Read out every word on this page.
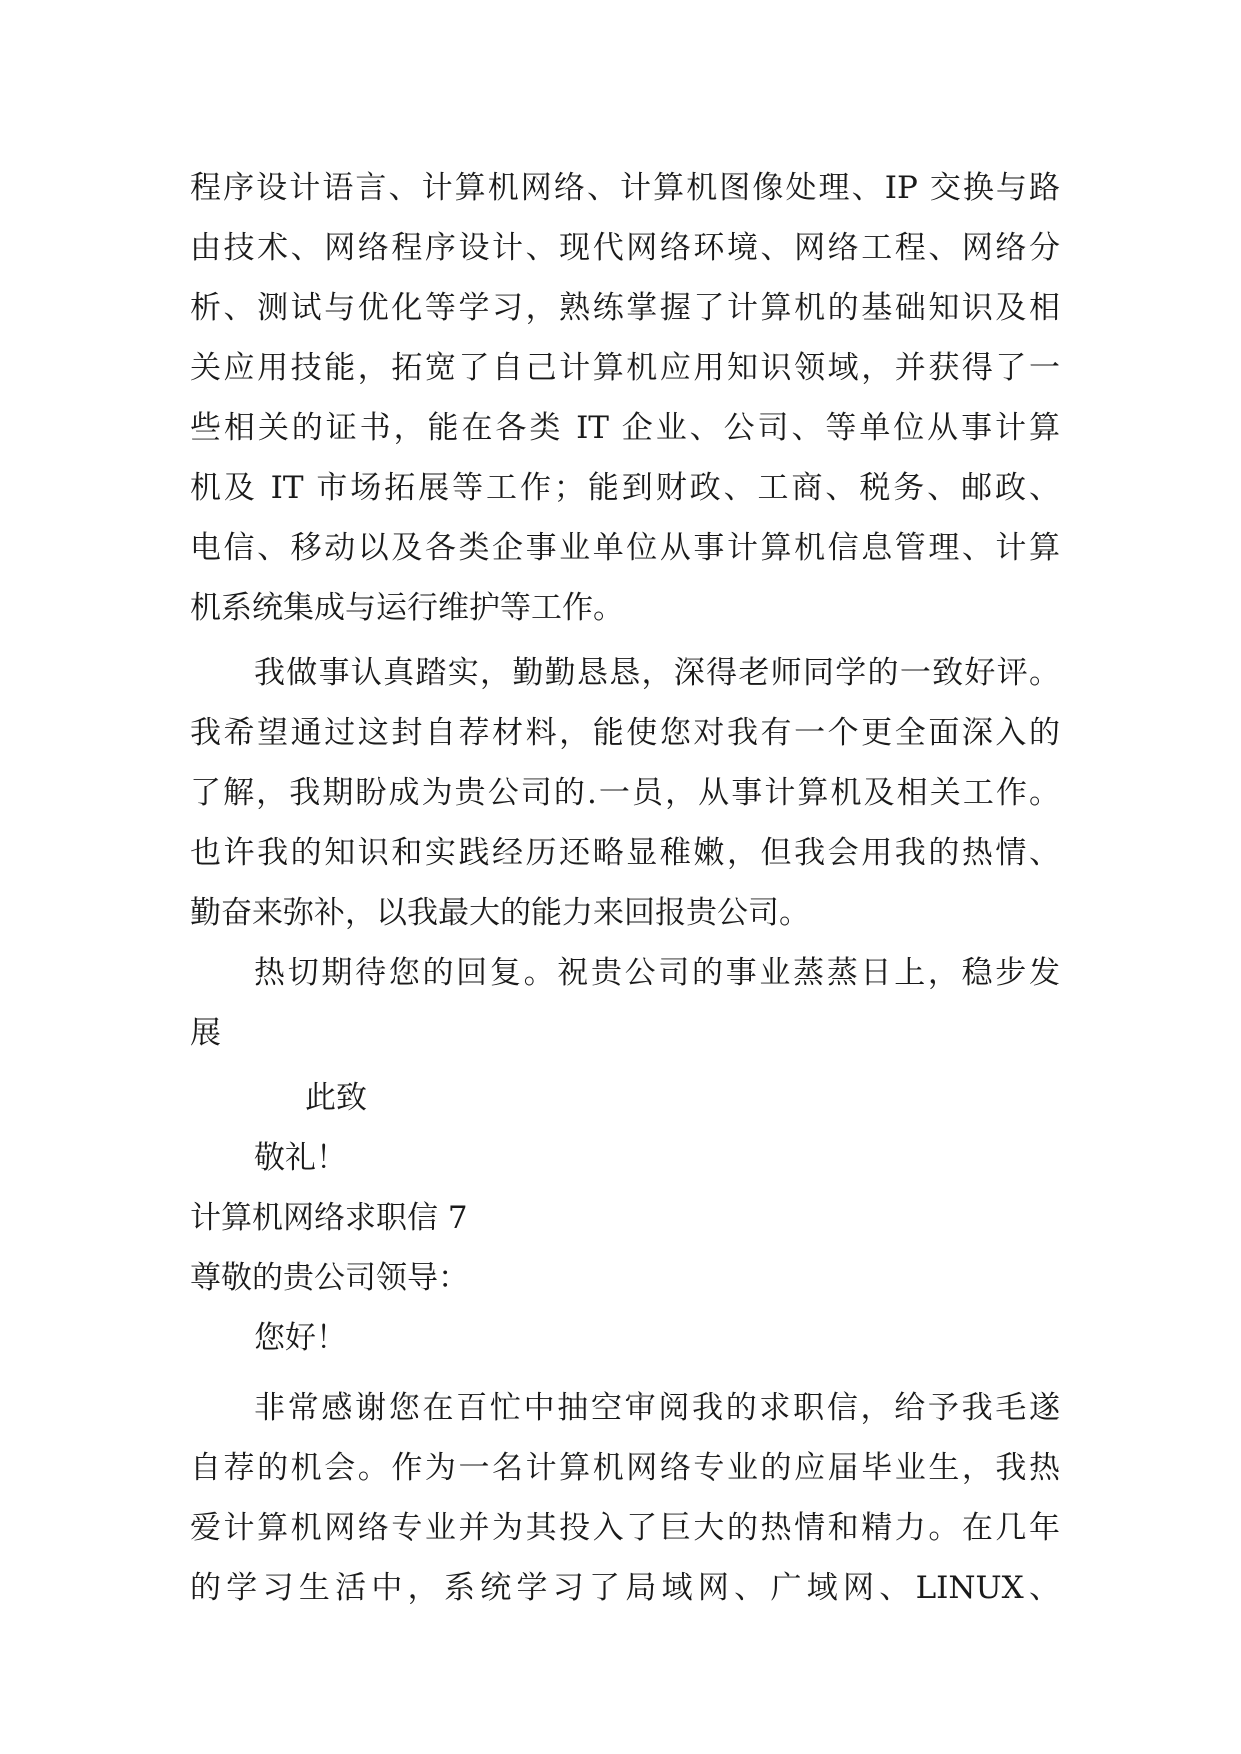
程序设计语言、计算机网络、计算机图像处理、IP 交换与路
由技术、网络程序设计、现代网络环境、网络工程、网络分
析、测试与优化等学习，熟练掌握了计算机的基础知识及相
关应用技能，拓宽了自己计算机应用知识领域，并获得了一
些相关的证书，能在各类 IT 企业、公司、等单位从事计算
机及 IT 市场拓展等工作；能到财政、工商、税务、邮政、
电信、移动以及各类企事业单位从事计算机信息管理、计算
机系统集成与运行维护等工作。
我做事认真踏实，勤勤恳恳，深得老师同学的一致好评。
我希望通过这封自荐材料，能使您对我有一个更全面深入的
了解，我期盼成为贵公司的.一员，从事计算机及相关工作。
也许我的知识和实践经历还略显稚嫩，但我会用我的热情、
勤奋来弥补，以我最大的能力来回报贵公司。
热切期待您的回复。祝贵公司的事业蒸蒸日上，稳步发
展
此致
敬礼！
计算机网络求职信 7
尊敬的贵公司领导：
您好！
非常感谢您在百忙中抽空审阅我的求职信，给予我毛遂
自荐的机会。作为一名计算机网络专业的应届毕业生，我热
爱计算机网络专业并为其投入了巨大的热情和精力。在几年
的学习生活中，系统学习了局域网、广域网、LINUX、
